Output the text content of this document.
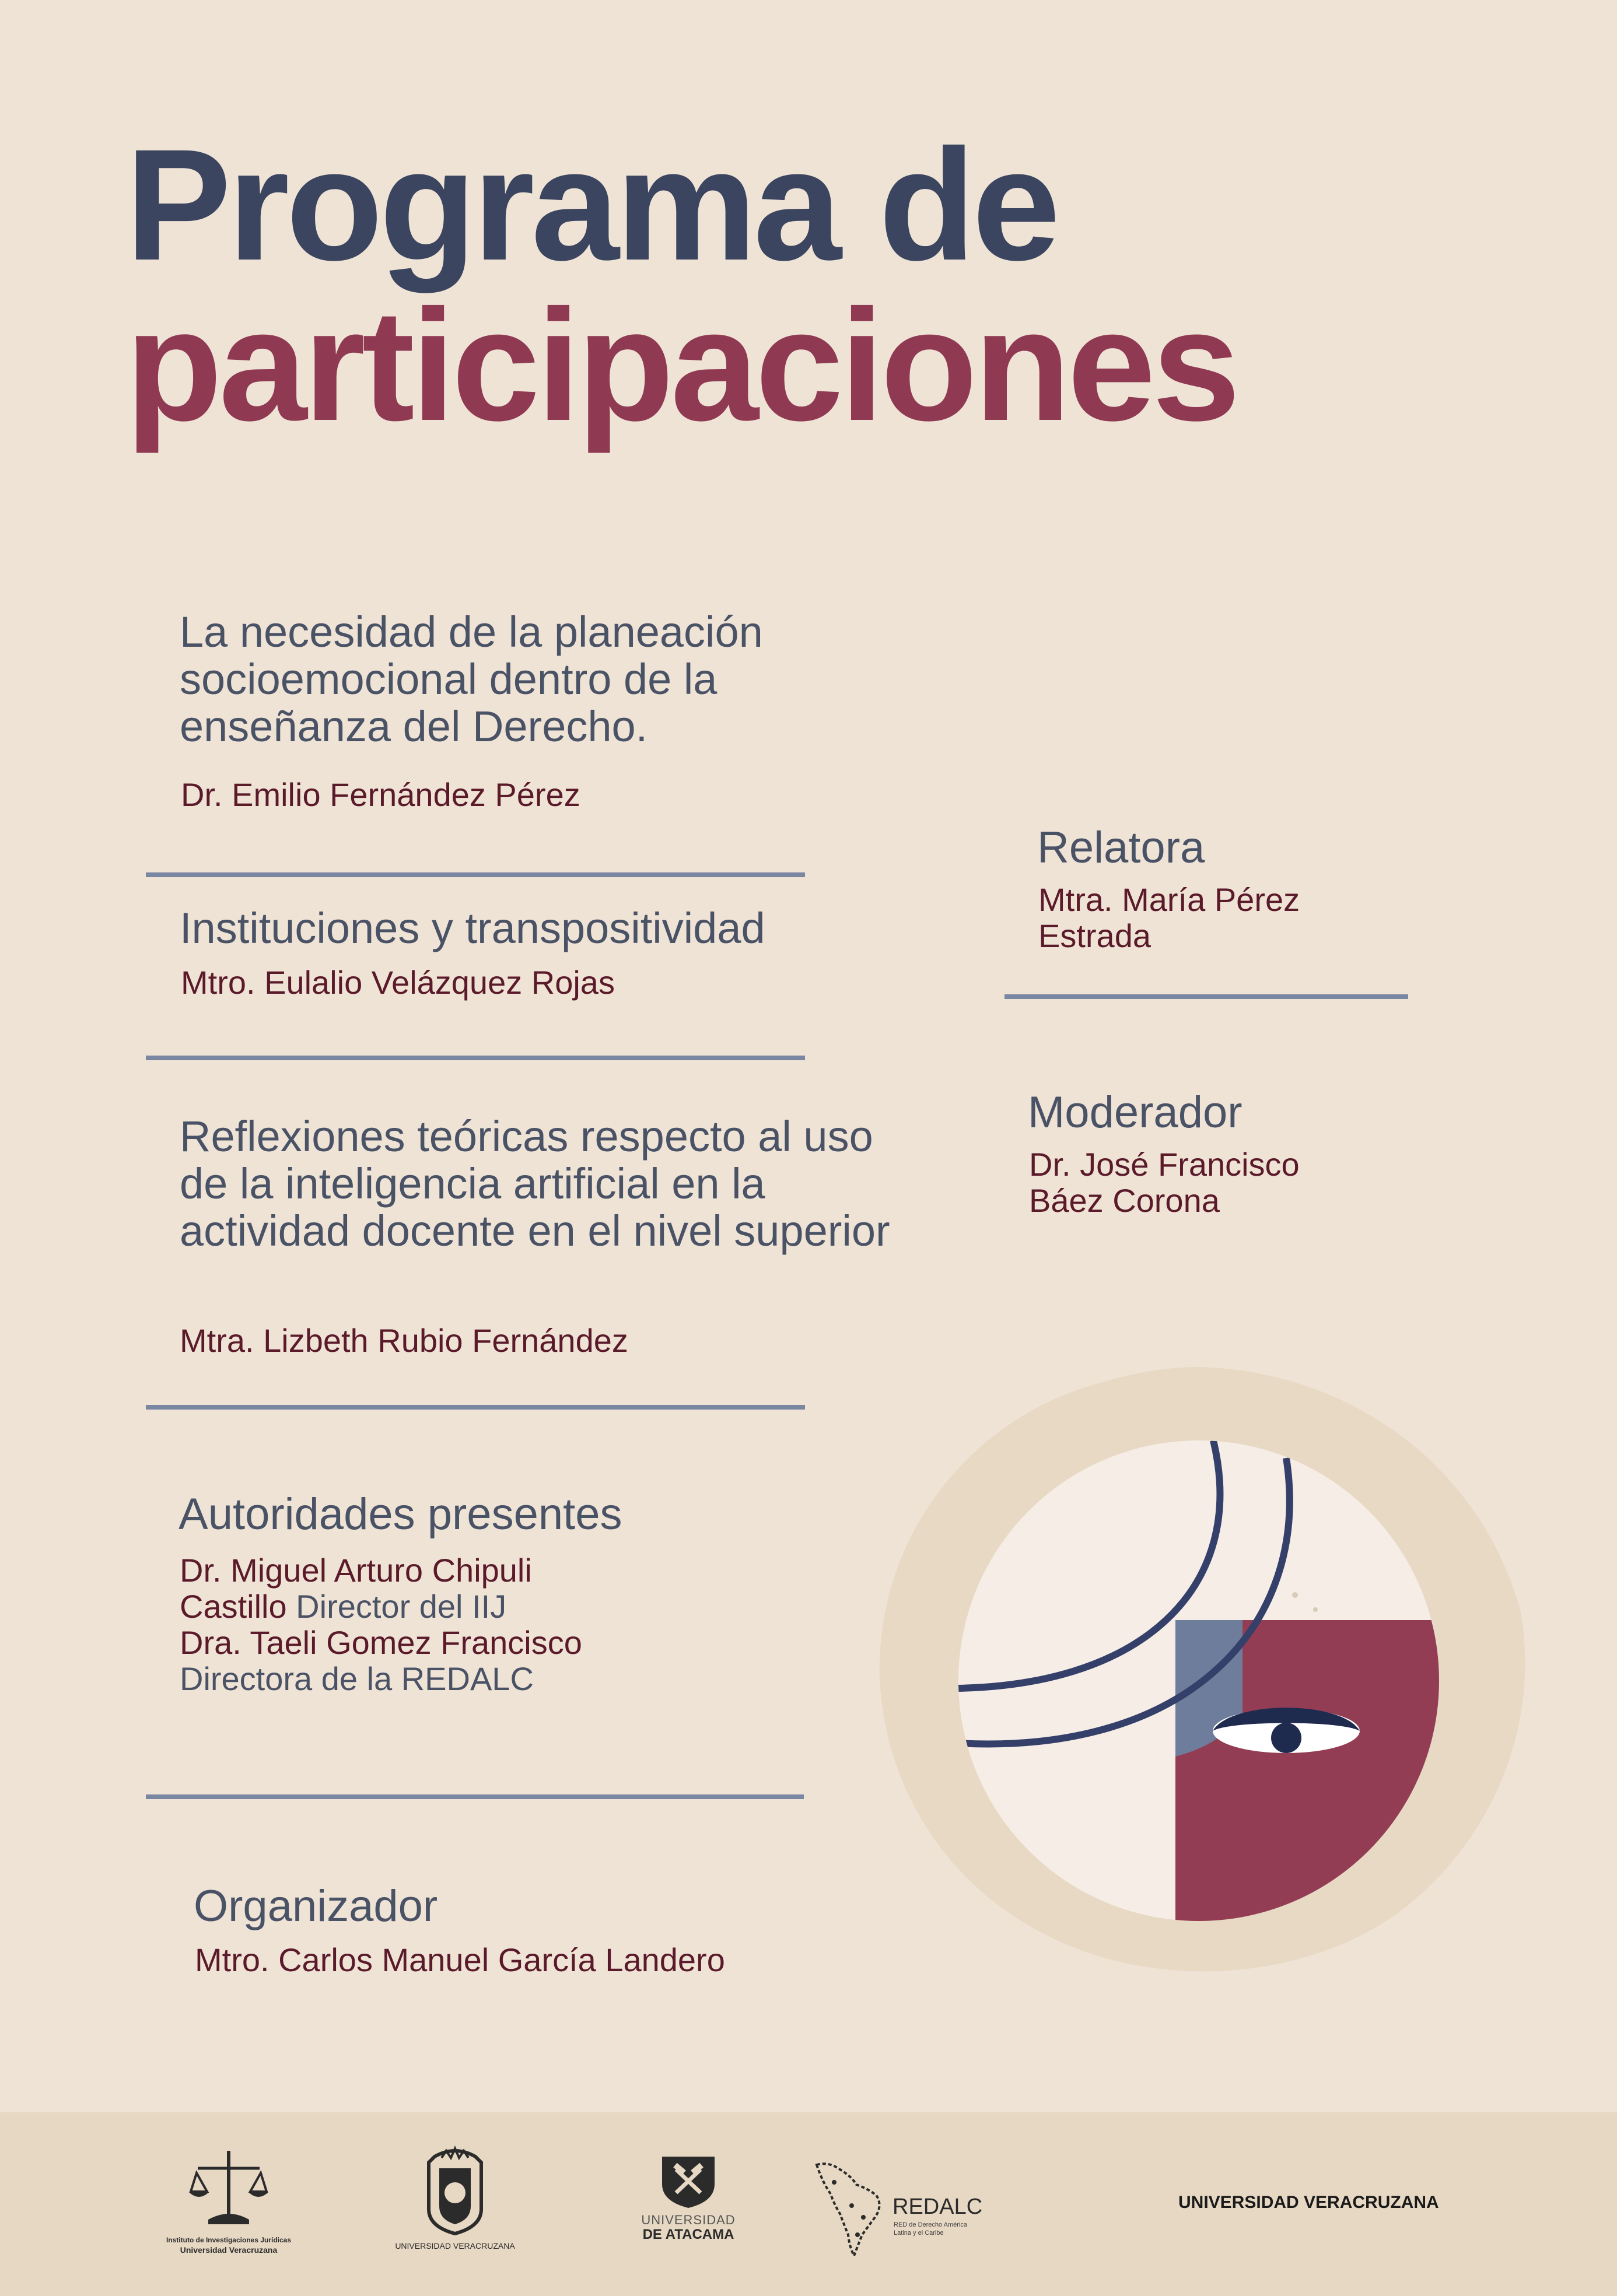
Programa de
participaciones
La necesidad de la planeación socioemocional dentro de la enseñanza del Derecho.
Dr. Emilio Fernández Pérez
Instituciones y transpositividad
Mtro. Eulalio Velázquez Rojas
Reflexiones teóricas respecto al uso de la inteligencia artificial en la actividad docente en el nivel superior
Mtra. Lizbeth Rubio Fernández
Autoridades presentes
Dr. Miguel Arturo Chipuli
Castillo Director del IIJ
Dra. Taeli Gomez Francisco
Directora de la REDALC
Organizador
Mtro. Carlos Manuel García Landero
Relatora
Mtra. María Pérez
Estrada
Moderador
Dr. José Francisco
Báez Corona
Instituto de Investigaciones Jurídicas
Universidad Veracruzana	UNIVERSIDAD VERACRUZANA
UNIVERSIDAD
DE ATACAMA
REDALC
RED de Derecho América
Latina y el Caribe
UNIVERSIDAD VERACRUZANA
